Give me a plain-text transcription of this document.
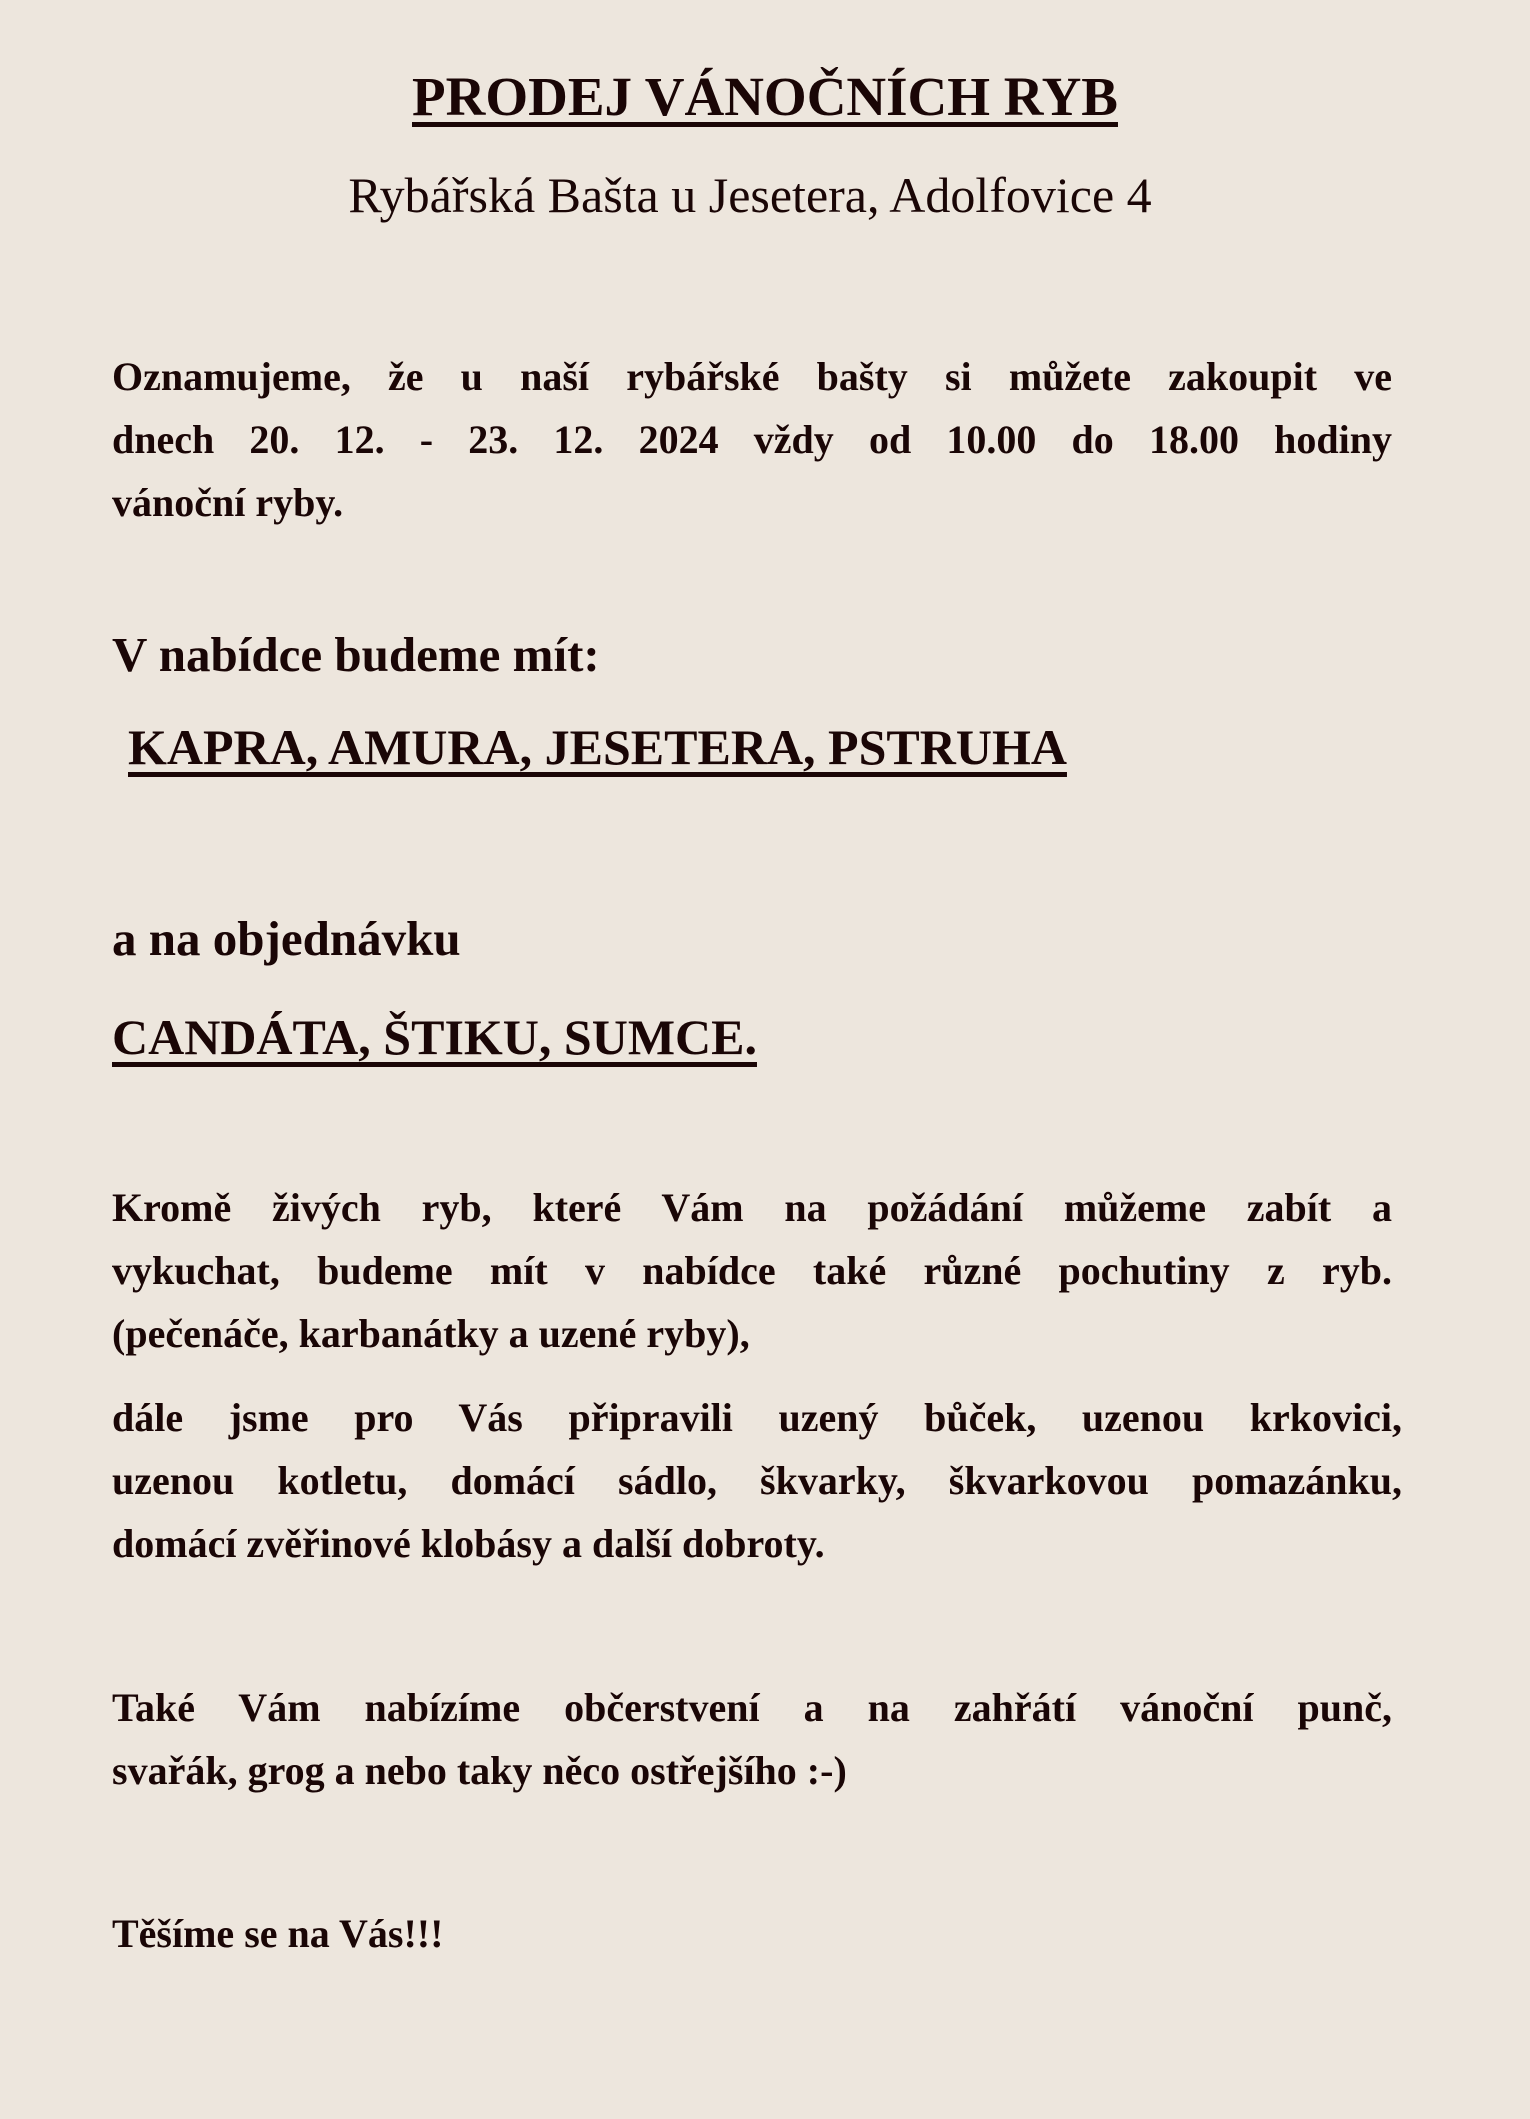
PRODEJ VÁNOČNÍCH RYB
Rybářská Bašta u Jesetera, Adolfovice 4
Oznamujeme, že u naší rybářské bašty si můžete zakoupit ve
dnech 20. 12. - 23. 12. 2024 vždy od 10.00 do 18.00 hodiny
vánoční ryby.
V nabídce budeme mít:
KAPRA, AMURA, JESETERA, PSTRUHA
a na objednávku
CANDÁTA, ŠTIKU, SUMCE.
Kromě živých ryb, které Vám na požádání můžeme zabít a
vykuchat, budeme mít v nabídce také různé pochutiny z ryb.
(pečenáče, karbanátky a uzené ryby),
dále jsme pro Vás připravili uzený bůček, uzenou krkovici,
uzenou kotletu, domácí sádlo, škvarky, škvarkovou pomazánku,
domácí zvěřinové klobásy a další dobroty.
Také Vám nabízíme občerstvení a na zahřátí vánoční punč,
svařák, grog a nebo taky něco ostřejšího :-)
Těšíme se na Vás!!!
